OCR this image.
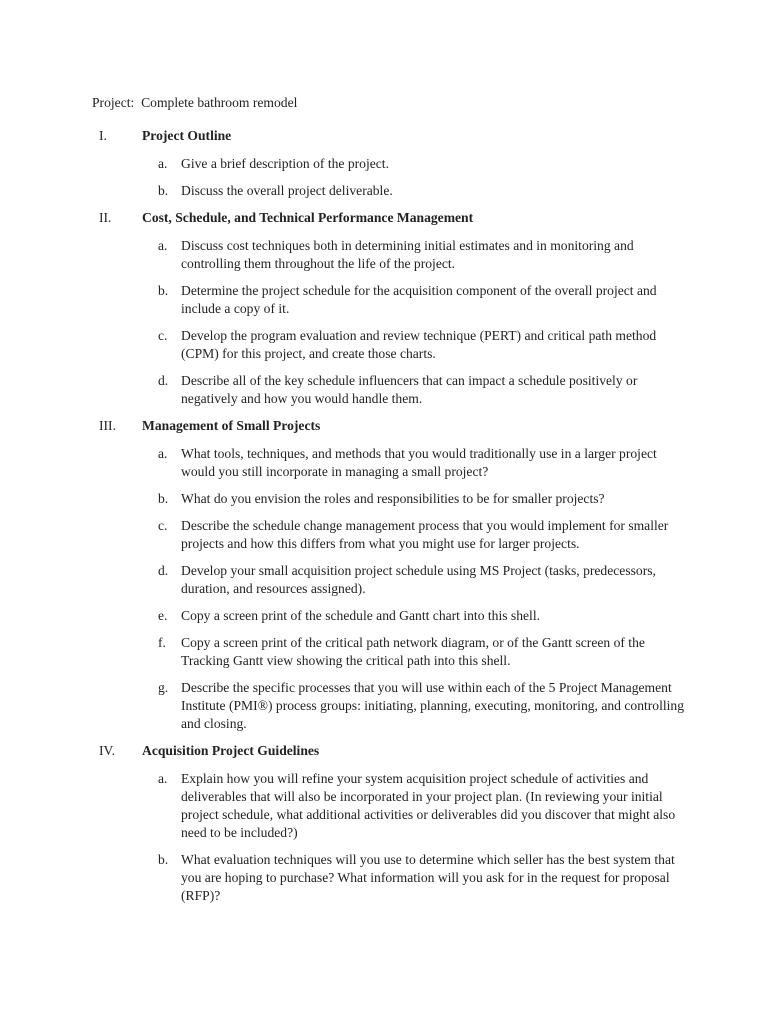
Project: Complete bathroom remodel
I.	Project Outline
a. Give a brief description of the project.
b. Discuss the overall project deliverable.
II.	Cost, Schedule, and Technical Performance Management
a. Discuss cost techniques both in determining initial estimates and in monitoring and controlling them throughout the life of the project.
b. Determine the project schedule for the acquisition component of the overall project and include a copy of it.
c. Develop the program evaluation and review technique (PERT) and critical path method (CPM) for this project, and create those charts.
d. Describe all of the key schedule influencers that can impact a schedule positively or negatively and how you would handle them.
III.	Management of Small Projects
a. What tools, techniques, and methods that you would traditionally use in a larger project would you still incorporate in managing a small project?
b. What do you envision the roles and responsibilities to be for smaller projects?
c. Describe the schedule change management process that you would implement for smaller projects and how this differs from what you might use for larger projects.
d. Develop your small acquisition project schedule using MS Project (tasks, predecessors, duration, and resources assigned).
e. Copy a screen print of the schedule and Gantt chart into this shell.
f.	Copy a screen print of the critical path network diagram, or of the Gantt screen of the Tracking Gantt view showing the critical path into this shell.
g. Describe the specific processes that you will use within each of the 5 Project Management Institute (PMI®) process groups: initiating, planning, executing, monitoring, and controlling and closing.
IV.	Acquisition Project Guidelines
a. Explain how you will refine your system acquisition project schedule of activities and deliverables that will also be incorporated in your project plan. (In reviewing your initial project schedule, what additional activities or deliverables did you discover that might also need to be included?)
b. What evaluation techniques will you use to determine which seller has the best system that you are hoping to purchase? What information will you ask for in the request for proposal (RFP)?
